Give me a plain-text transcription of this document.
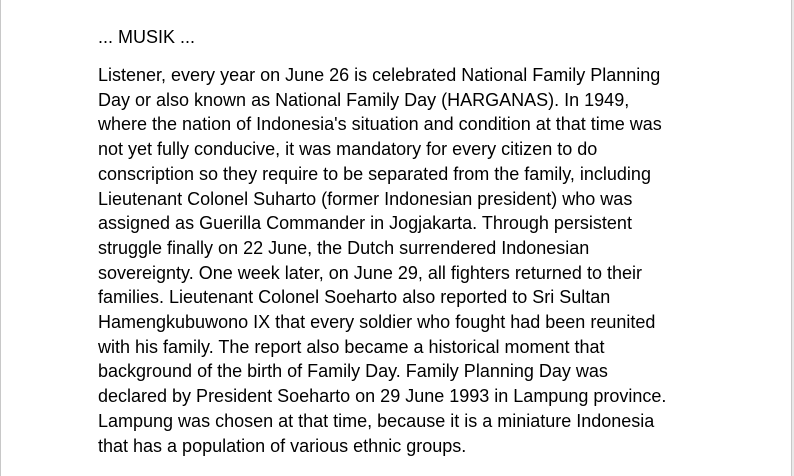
... MUSIK ...

Listener, every year on June 26 is celebrated National Family Planning
Day or also known as National Family Day (HARGANAS). In 1949,
where the nation of Indonesia's situation and condition at that time was
not yet fully conducive, it was mandatory for every citizen to do
conscription so they require to be separated from the family, including
Lieutenant Colonel Suharto (former Indonesian president) who was
assigned as Guerilla Commander in Jogjakarta. Through persistent
struggle finally on 22 June, the Dutch surrendered Indonesian
sovereignty. One week later, on June 29, all fighters returned to their
families. Lieutenant Colonel Soeharto also reported to Sri Sultan
Hamengkubuwono IX that every soldier who fought had been reunited
with his family. The report also became a historical moment that
background of the birth of Family Day. Family Planning Day was
declared by President Soeharto on 29 June 1993 in Lampung province.
Lampung was chosen at that time, because it is a miniature Indonesia
that has a population of various ethnic groups.
